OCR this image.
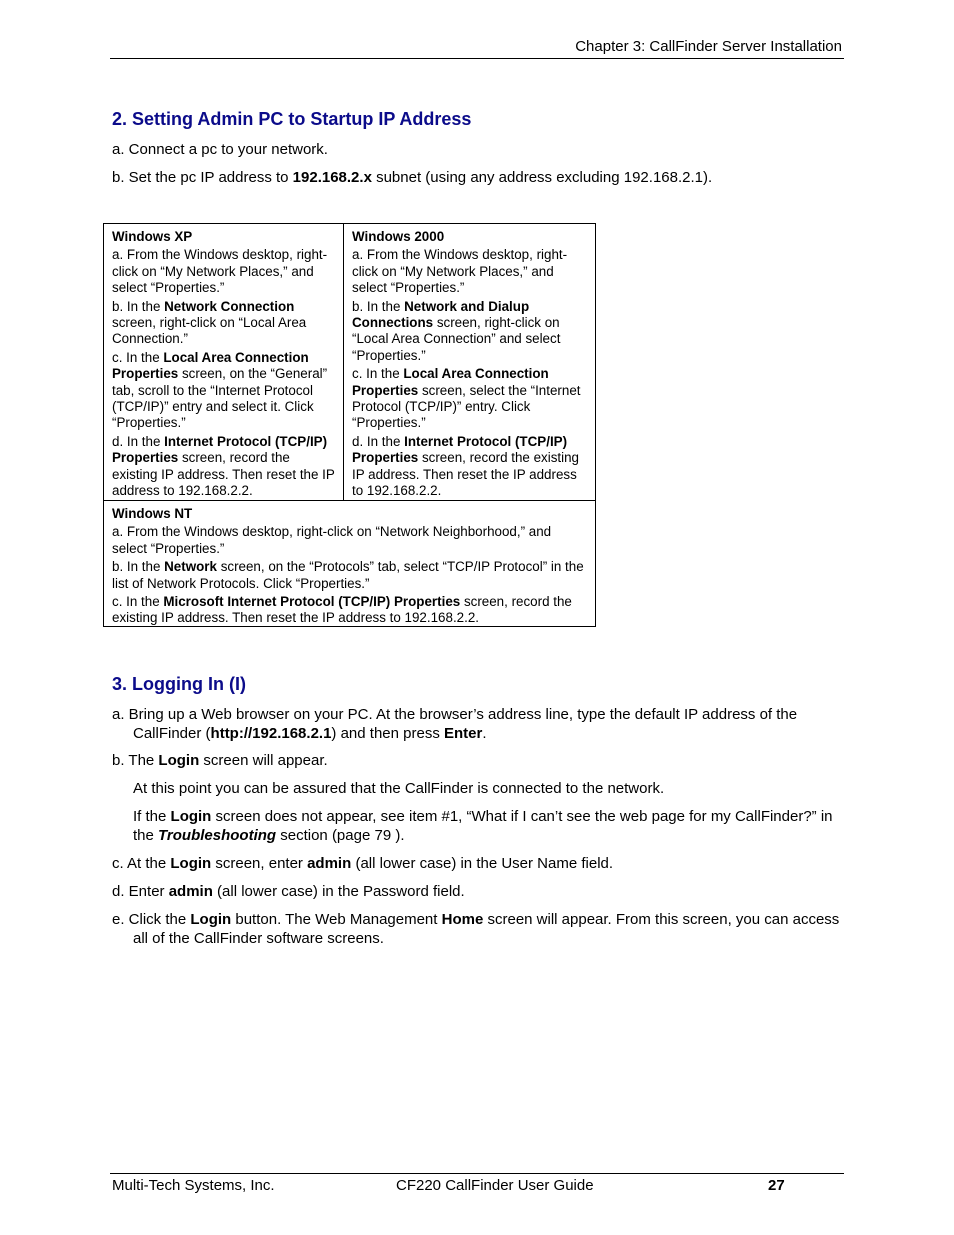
Chapter 3: CallFinder Server Installation
2. Setting Admin PC to Startup IP Address
a. Connect a pc to your network.
b. Set the pc IP address to 192.168.2.x subnet (using any address excluding 192.168.2.1).

Windows XP

a. From the Windows desktop, right-click on “My Network Places,” and select “Properties.”

b. In the Network Connection screen, right-click on “Local Area Connection.”

c. In the Local Area Connection Properties screen, on the “General” tab, scroll to the “Internet Protocol (TCP/IP)” entry and select it. Click “Properties.”

d. In the Internet Protocol (TCP/IP) Properties screen, record the existing IP address. Then reset the IP address to 192.168.2.2.

Windows 2000

a. From the Windows desktop, right-click on “My Network Places,” and select “Properties.”

b. In the Network and Dialup Connections screen, right-click on “Local Area Connection” and select “Properties.”

c. In the Local Area Connection Properties screen, select the “Internet Protocol (TCP/IP)” entry. Click “Properties.”

d. In the Internet Protocol (TCP/IP) Properties screen, record the existing IP address. Then reset the IP address to 192.168.2.2.

Windows NT

a. From the Windows desktop, right-click on “Network Neighborhood,” and select “Properties.”

b. In the Network screen, on the “Protocols” tab, select “TCP/IP Protocol” in the list of Network Protocols. Click “Properties.”

c. In the Microsoft Internet Protocol (TCP/IP) Properties screen, record the existing IP address. Then reset the IP address to 192.168.2.2.

3. Logging In (I)
a. Bring up a Web browser on your PC. At the browser’s address line, type the default IP address of the CallFinder (http://192.168.2.1) and then press Enter.
b. The Login screen will appear.
At this point you can be assured that the CallFinder is connected to the network.
If the Login screen does not appear, see item #1, “What if I can’t see the web page for my CallFinder?” in the Troubleshooting section (page 79 ).
c. At the Login screen, enter admin (all lower case) in the User Name field.
d. Enter admin (all lower case) in the Password field.
e. Click the Login button. The Web Management Home screen will appear. From this screen, you can access all of the CallFinder software screens.
Multi-Tech Systems, Inc.	CF220 CallFinder User Guide	27
